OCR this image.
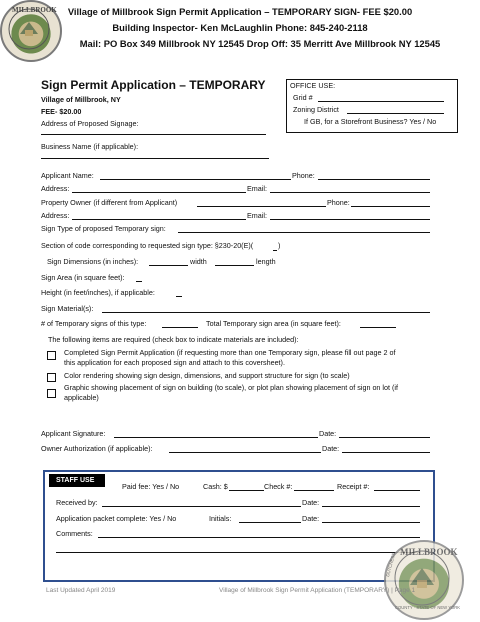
MILLBROOK	Village of Millbrook Sign Permit Application – TEMPORARY SIGN- FEE $20.00
Building Inspector- Ken McLaughlin Phone: 845-240-2118
Mail: PO Box 349 Millbrook NY 12545 Drop Off: 35 Merritt Ave Millbrook NY 12545
Sign Permit Application – TEMPORARY
Village of Millbrook, NY
FEE- $20.00
OFFICE USE:
Grid #
Zoning District
If GB, for a Storefront Business? Yes / No
Address of Proposed Signage:
Business Name (if applicable):
Applicant Name:	Phone:
Address:	Email:
Property Owner (if different from Applicant)	Phone:
Address:	Email:
Sign Type of proposed Temporary sign:
Section of code corresponding to requested sign type: §230-20(E)(	)
Sign Dimensions (in inches):	width	length
Sign Area (in square feet):
Height (in feet/inches), if applicable:
Sign Material(s):
# of Temporary signs of this type:	Total Temporary sign area (in square feet):
The following items are required (check box to indicate materials are included):
Completed Sign Permit Application (if requesting more than one Temporary sign, please fill out page 2 of
this application for each proposed sign and attach to this coversheet).
Color rendering showing sign design, dimensions, and support structure for sign (to scale)
Graphic showing placement of sign on building (to scale), or plot plan showing placement of sign on lot (if
applicable)
Applicant Signature:	Date:
Owner Authorization (if applicable):	Date:
STAFF USE
Paid fee: Yes / No	Cash: $	Check #:	Receipt #:
Received by:	Date:
Application packet complete: Yes / No	Initials:	Date:
Comments:
MILLBROOK
DUTCHESS
COUNTY · STATE OF NEW YORK
Last Updated April 2019	Village of Millbrook Sign Permit Application (TEMPORARY) | Page 1
